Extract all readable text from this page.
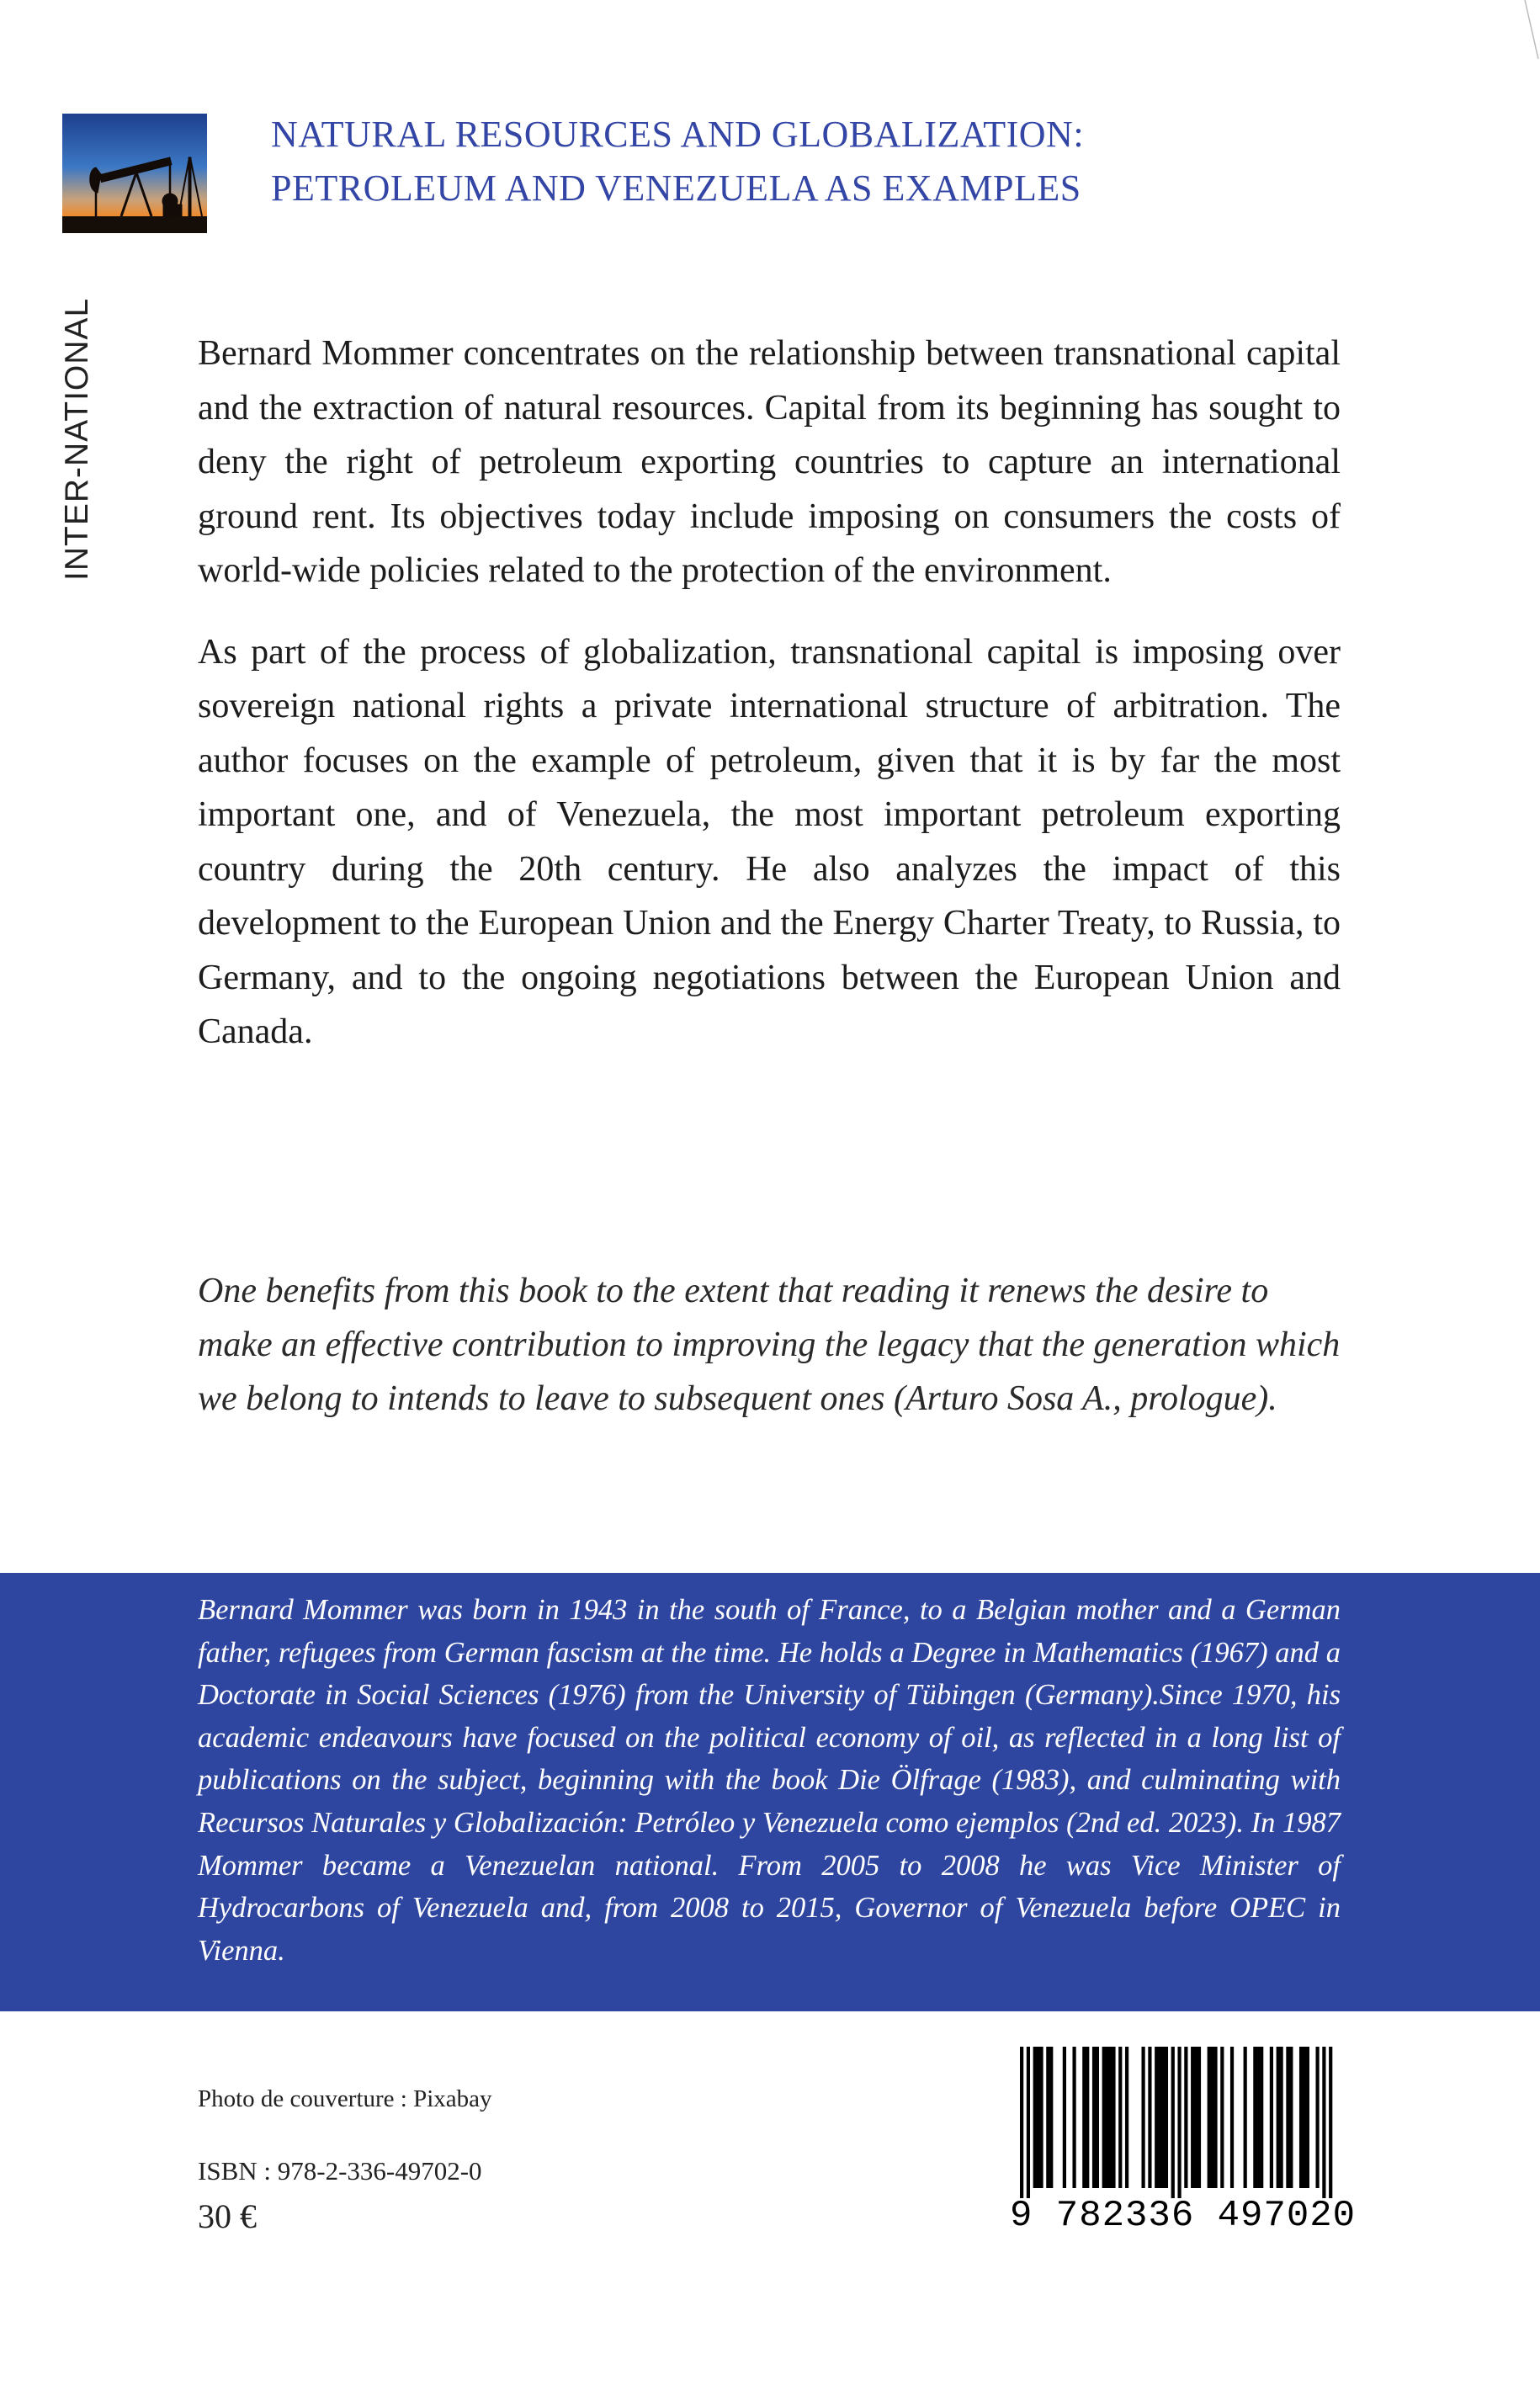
INTER-NATIONAL
NATURAL RESOURCES AND GLOBALIZATION:
PETROLEUM AND VENEZUELA AS EXAMPLES

Bernard Mommer concentrates on the relationship between transnational capital and the extraction of natural resources. Capital from its beginning has sought to deny the right of petroleum exporting countries to capture an international ground rent. Its objectives today include imposing on consumers the costs of world-wide policies related to the protection of the environment.

As part of the process of globalization, transnational capital is imposing over sovereign national rights a private international structure of arbitration. The author focuses on the example of petroleum, given that it is by far the most important one, and of Venezuela, the most important petroleum exporting country during the 20th century. He also analyzes the impact of this development to the European Union and the Energy Charter Treaty, to Russia, to Germany, and to the ongoing negotiations between the European Union and Canada.

One benefits from this book to the extent that reading it renews the desire to make an effective contribution to improving the legacy that the generation which we belong to intends to leave to subsequent ones (Arturo Sosa A., prologue).

Bernard Mommer was born in 1943 in the south of France, to a Belgian mother and a German father, refugees from German fascism at the time. He holds a Degree in Mathematics (1967) and a Doctorate in Social Sciences (1976) from the University of Tübingen (Germany).Since 1970, his academic endeavours have focused on the political economy of oil, as reflected in a long list of publications on the subject, beginning with the book Die Ölfrage (1983), and culminating with Recursos Naturales y Globalización: Petróleo y Venezuela como ejemplos (2nd ed. 2023). In 1987 Mommer became a Venezuelan national. From 2005 to 2008 he was Vice Minister of Hydrocarbons of Venezuela and, from 2008 to 2015, Governor of Venezuela before OPEC in Vienna.

Photo de couverture : Pixabay
ISBN : 978-2-336-49702-0
30 €	9 782336 497020
